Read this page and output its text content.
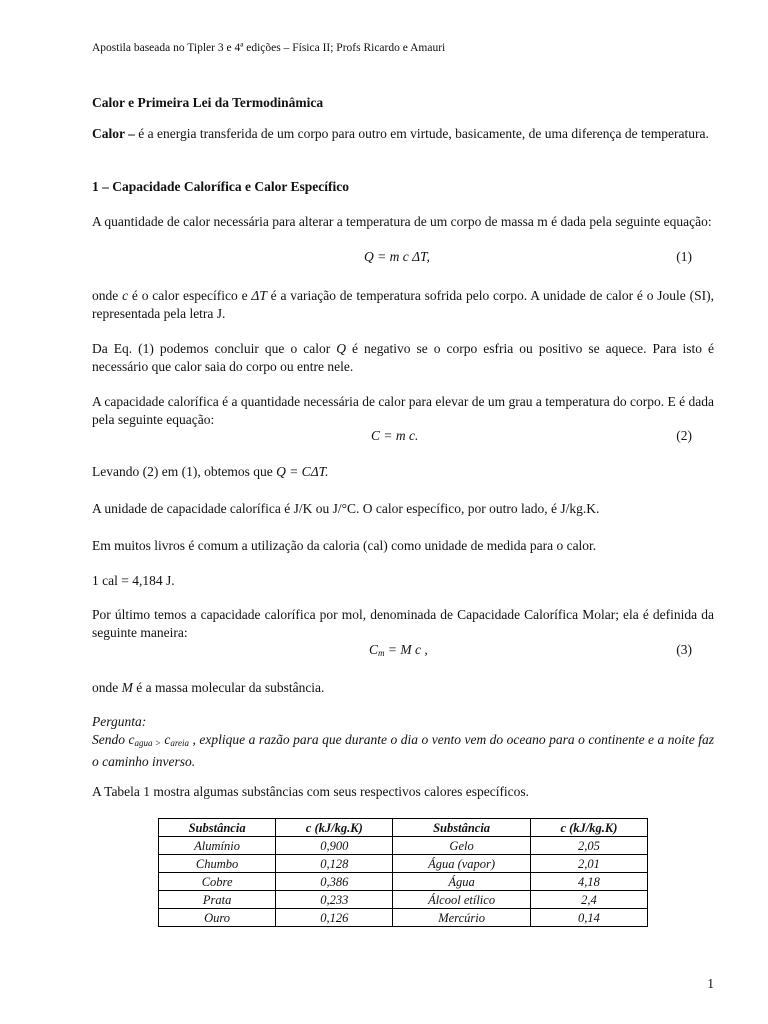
Apostila baseada no Tipler 3 e 4ª edições – Física II; Profs Ricardo e Amauri

Calor e Primeira Lei da Termodinâmica

Calor – é a energia transferida de um corpo para outro em virtude, basicamente, de uma diferença de temperatura.

1 – Capacidade Calorífica e Calor Específico

A quantidade de calor necessária para alterar a temperatura de um corpo de massa m é dada pela seguinte equação:

Q = m c ΔT,	(1)

onde c é o calor específico e ΔT é a variação de temperatura sofrida pelo corpo. A unidade de calor é o Joule (SI), representada pela letra J.

Da Eq. (1) podemos concluir que o calor Q é negativo se o corpo esfria ou positivo se aquece. Para isto é necessário que calor saia do corpo ou entre nele.

A capacidade calorífica é a quantidade necessária de calor para elevar de um grau a temperatura do corpo. E é dada pela seguinte equação:

C = m c.	(2)

Levando (2) em (1), obtemos que Q = CΔT.

A unidade de capacidade calorífica é J/K ou J/°C. O calor específico, por outro lado, é J/kg.K.

Em muitos livros é comum a utilização da caloria (cal) como unidade de medida para o calor.

1 cal = 4,184 J.

Por último temos a capacidade calorífica por mol, denominada de Capacidade Calorífica Molar; ela é definida da seguinte maneira:

$C_m = M$ c ,	(3)

onde M é a massa molecular da substância.

Pergunta:

Sendo $c_{agua >}$ $c_{areia}$ , explique a razão para que durante o dia o vento vem do oceano para o continente e a noite faz o caminho inverso.

A Tabela 1 mostra algumas substâncias com seus respectivos calores específicos.

Substância	c (kJ/kg.K)	Substância	c (kJ/kg.K)
Alumínio	0,900	Gelo	2,05
Chumbo	0,128	Água (vapor)	2,01
Cobre	0,386	Água	4,18
Prata	0,233	Álcool etílico	2,4
Ouro	0,126	Mercúrio	0,14
1
